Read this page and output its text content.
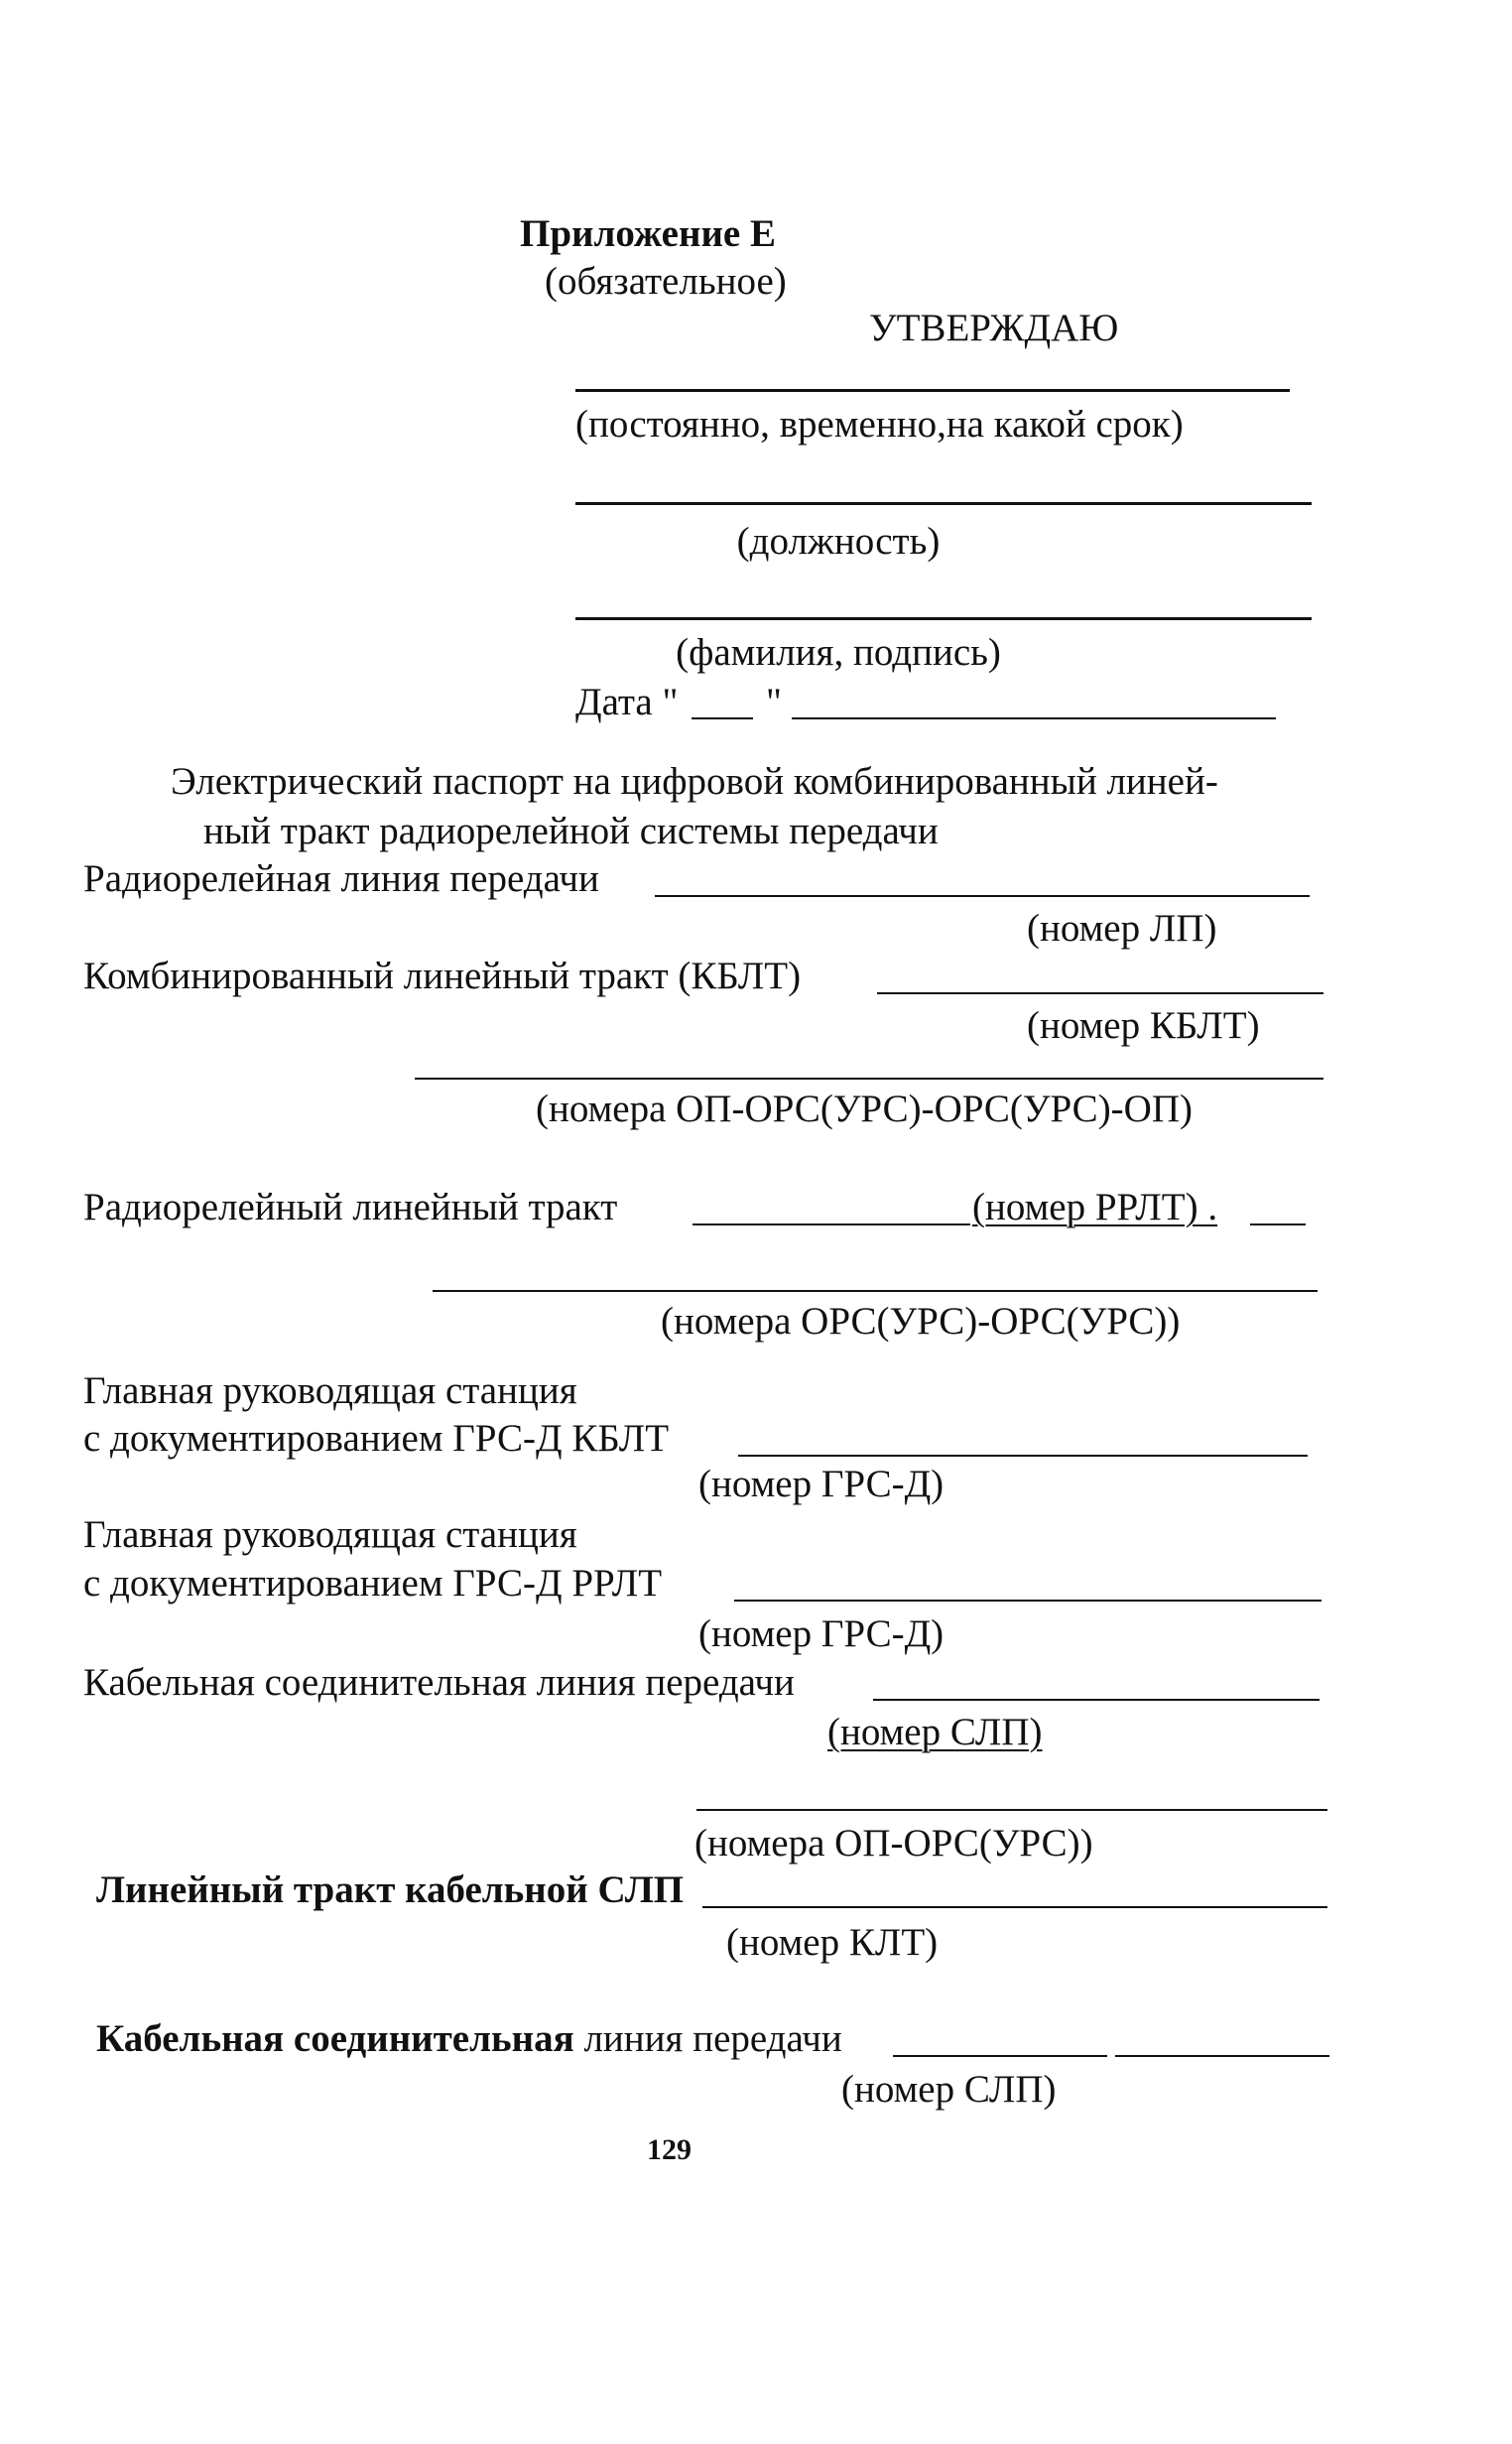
Приложение Е
(обязательное)
УТВЕРЖДАЮ
(постоянно, временно,на какой срок)
(должность)
(фамилия, подпись)
Дата " "
Электрический паспорт на цифровой комбинированный линей-
ный тракт радиорелейной системы передачи
Радиорелейная линия передачи
(номер ЛП)
Комбинированный линейный тракт (КБЛТ)
(номер КБЛТ)
(номера ОП-ОРС(УРС)-ОРС(УРС)-ОП)
Радиорелейный линейный тракт	(номер РРЛТ) .
(номера ОРС(УРС)-ОРС(УРС))
Главная руководящая станция
с документированием ГРС-Д КБЛТ
(номер ГРС-Д)
Главная руководящая станция
с документированием ГРС-Д РРЛТ
(номер ГРС-Д)
Кабельная соединительная линия передачи
(номер СЛП)
(номера ОП-ОРС(УРС))
Линейный тракт кабельной СЛП
(номер КЛТ)
Кабельная соединительная линия передачи
(номер СЛП)
129
